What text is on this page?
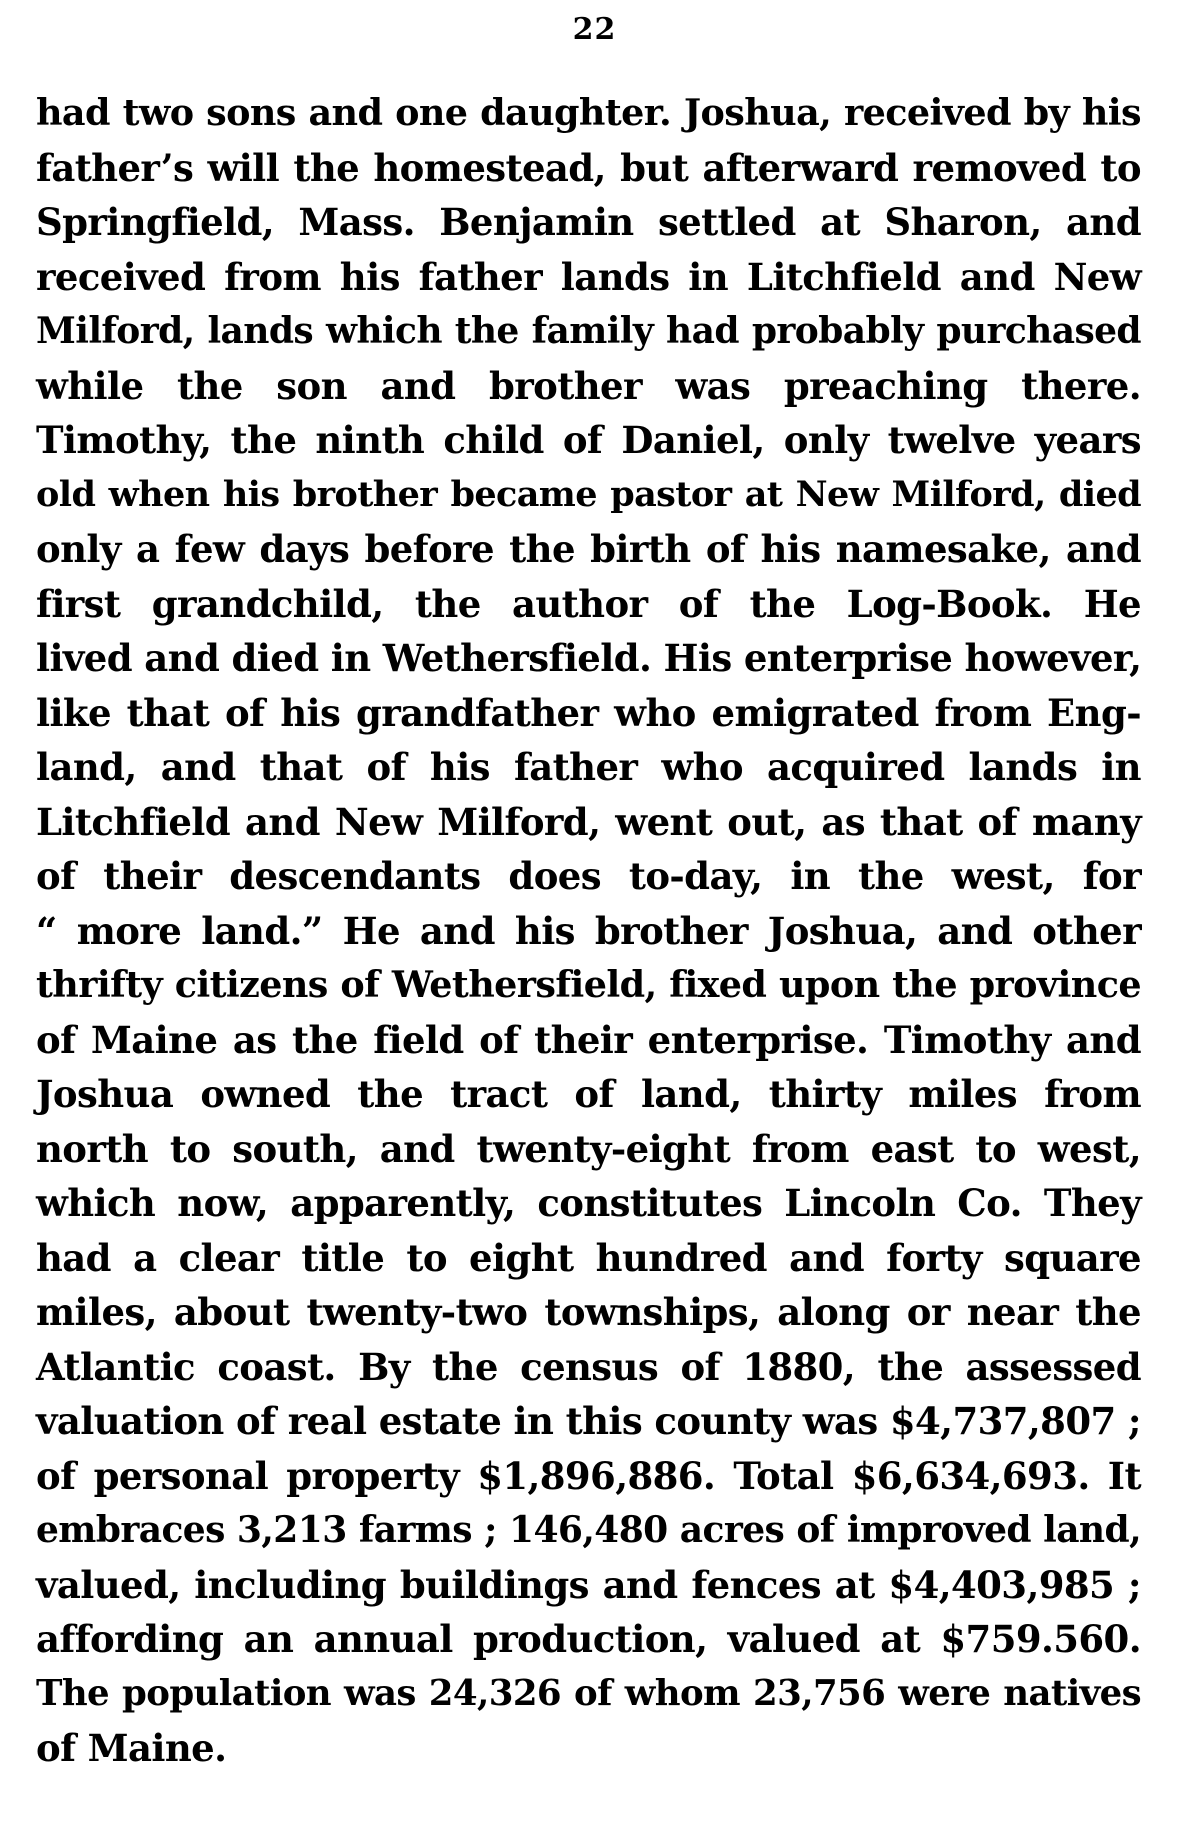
22
had two sons and one daughter. Joshua, received by his
father’s will the homestead, but afterward removed to
Springfield, Mass. Benjamin settled at Sharon, and
received from his father lands in Litchfield and New
Milford, lands which the family had probably purchased
while the son and brother was preaching there.
Timothy, the ninth child of Daniel, only twelve years
old when his brother became pastor at New Milford, died
only a few days before the birth of his namesake, and
first grandchild, the author of the Log-Book. He
lived and died in Wethersfield. His enterprise however,
like that of his grandfather who emigrated from Eng-
land, and that of his father who acquired lands in
Litchfield and New Milford, went out, as that of many
of their descendants does to-day, in the west, for
“ more land.” He and his brother Joshua, and other
thrifty citizens of Wethersfield, fixed upon the province
of Maine as the field of their enterprise. Timothy and
Joshua owned the tract of land, thirty miles from
north to south, and twenty-eight from east to west,
which now, apparently, constitutes Lincoln Co. They
had a clear title to eight hundred and forty square
miles, about twenty-two townships, along or near the
Atlantic coast. By the census of 1880, the assessed
valuation of real estate in this county was $4,737,807 ;
of personal property $1,896,886. Total $6,634,693. It
embraces 3,213 farms ; 146,480 acres of improved land,
valued, including buildings and fences at $4,403,985 ;
affording an annual production, valued at $759.560.
The population was 24,326 of whom 23,756 were natives
of Maine.
